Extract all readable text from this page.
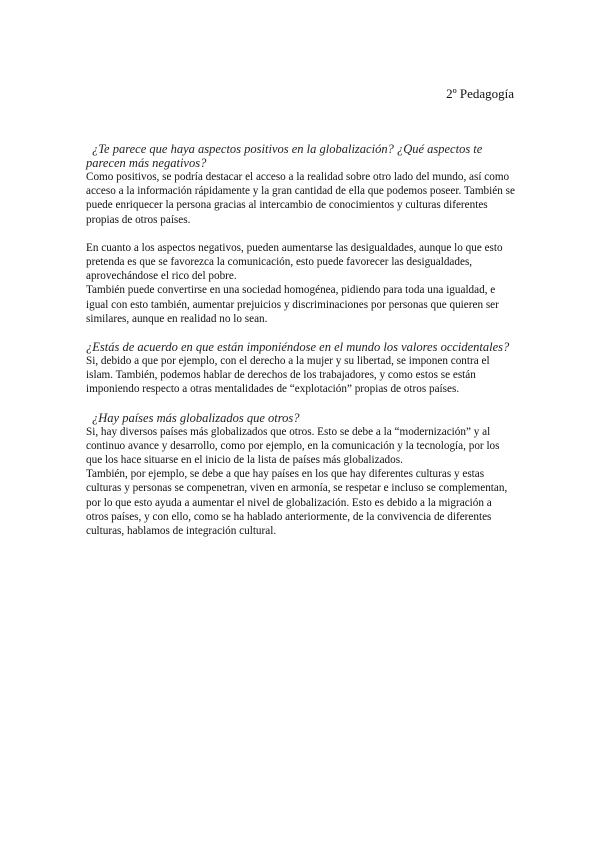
2º Pedagogía

¿Te parece que haya aspectos positivos en la globalización? ¿Qué aspectos te parecen más negativos?

Como positivos, se podría destacar el acceso a la realidad sobre otro lado del mundo, así como acceso a la información rápidamente y la gran cantidad de ella que podemos poseer. También se puede enriquecer la persona gracias al intercambio de conocimientos y culturas diferentes propias de otros países.

En cuanto a los aspectos negativos, pueden aumentarse las desigualdades, aunque lo que esto pretenda es que se favorezca la comunicación, esto puede favorecer las desigualdades, aprovechándose el rico del pobre.

También puede convertirse en una sociedad homogénea, pidiendo para toda una igualdad, e igual con esto también, aumentar prejuicios y discriminaciones por personas que quieren ser similares, aunque en realidad no lo sean.

¿Estás de acuerdo en que están imponiéndose en el mundo los valores occidentales?

Si, debido a que por ejemplo, con el derecho a la mujer y su libertad, se imponen contra el islam. También, podemos hablar de derechos de los trabajadores, y como estos se están imponiendo respecto a otras mentalidades de “explotación” propias de otros países.

¿Hay países más globalizados que otros?

Si, hay diversos países más globalizados que otros. Esto se debe a la “modernización” y al continuo avance y desarrollo, como por ejemplo, en la comunicación y la tecnología, por los que los hace situarse en el inicio de la lista de países más globalizados.

También, por ejemplo, se debe a que hay países en los que hay diferentes culturas y estas culturas y personas se compenetran, viven en armonía, se respetar e incluso se complementan, por lo que esto ayuda a aumentar el nivel de globalización. Esto es debido a la migración a otros países, y con ello, como se ha hablado anteriormente, de la convivencia de diferentes culturas, hablamos de integración cultural.
